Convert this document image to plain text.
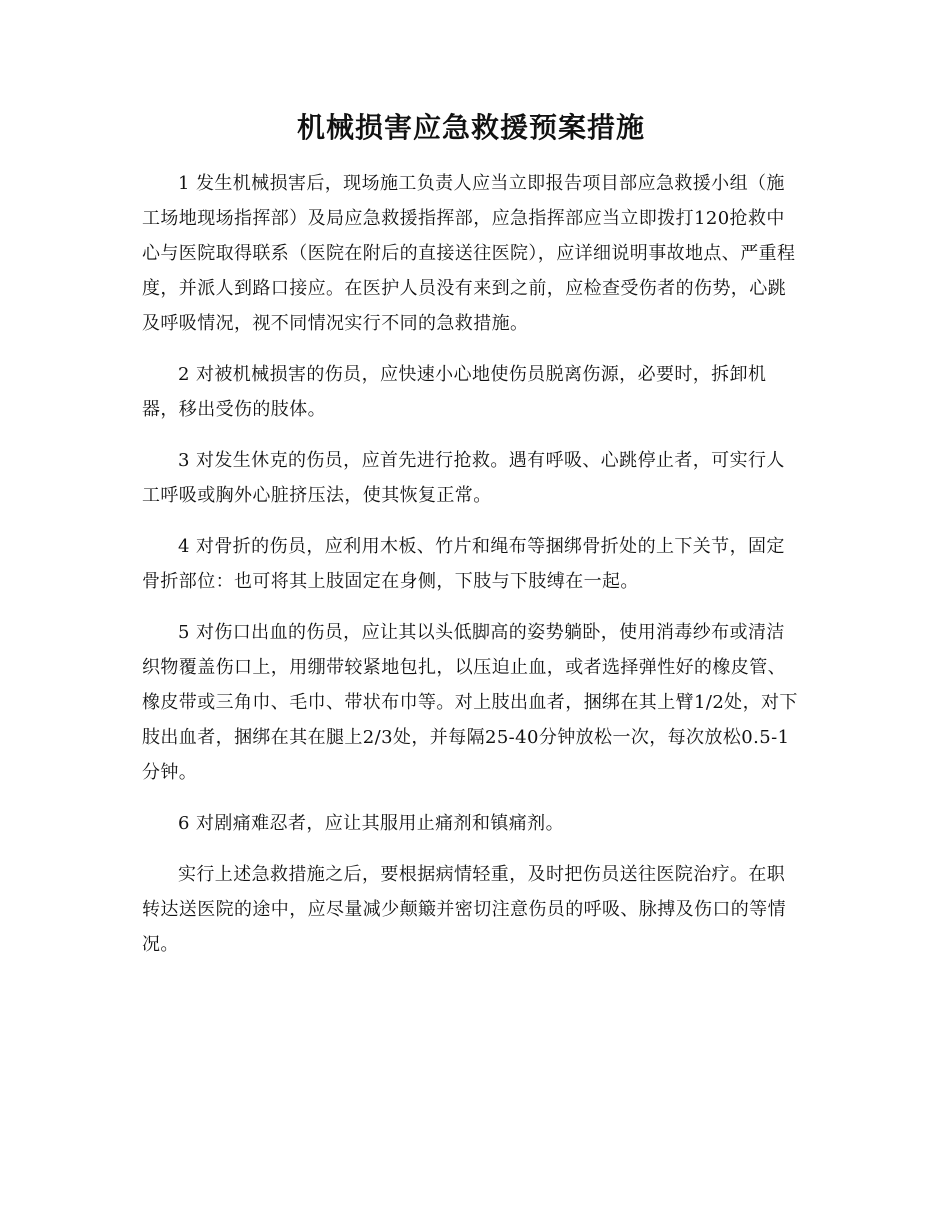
机械损害应急救援预案措施

1 发生机械损害后，现场施工负责人应当立即报告项目部应急救援小组（施工场地现场指挥部）及局应急救援指挥部，应急指挥部应当立即拨打120抢救中心与医院取得联系（医院在附后的直接送往医院），应详细说明事故地点、严重程度，并派人到路口接应。在医护人员没有来到之前，应检查受伤者的伤势，心跳及呼吸情况，视不同情况实行不同的急救措施。

2 对被机械损害的伤员，应快速小心地使伤员脱离伤源，必要时，拆卸机器，移出受伤的肢体。

3 对发生休克的伤员，应首先进行抢救。遇有呼吸、心跳停止者，可实行人工呼吸或胸外心脏挤压法，使其恢复正常。

4 对骨折的伤员，应利用木板、竹片和绳布等捆绑骨折处的上下关节，固定骨折部位：也可将其上肢固定在身侧，下肢与下肢缚在一起。

5 对伤口出血的伤员，应让其以头低脚高的姿势躺卧，使用消毒纱布或清洁织物覆盖伤口上，用绷带较紧地包扎，以压迫止血，或者选择弹性好的橡皮管、橡皮带或三角巾、毛巾、带状布巾等。对上肢出血者，捆绑在其上臂1/2处，对下肢出血者，捆绑在其在腿上2/3处，并每隔25-40分钟放松一次，每次放松0.5-1分钟。

6 对剧痛难忍者，应让其服用止痛剂和镇痛剂。

实行上述急救措施之后，要根据病情轻重，及时把伤员送往医院治疗。在职转达送医院的途中，应尽量减少颠簸并密切注意伤员的呼吸、脉搏及伤口的等情况。
